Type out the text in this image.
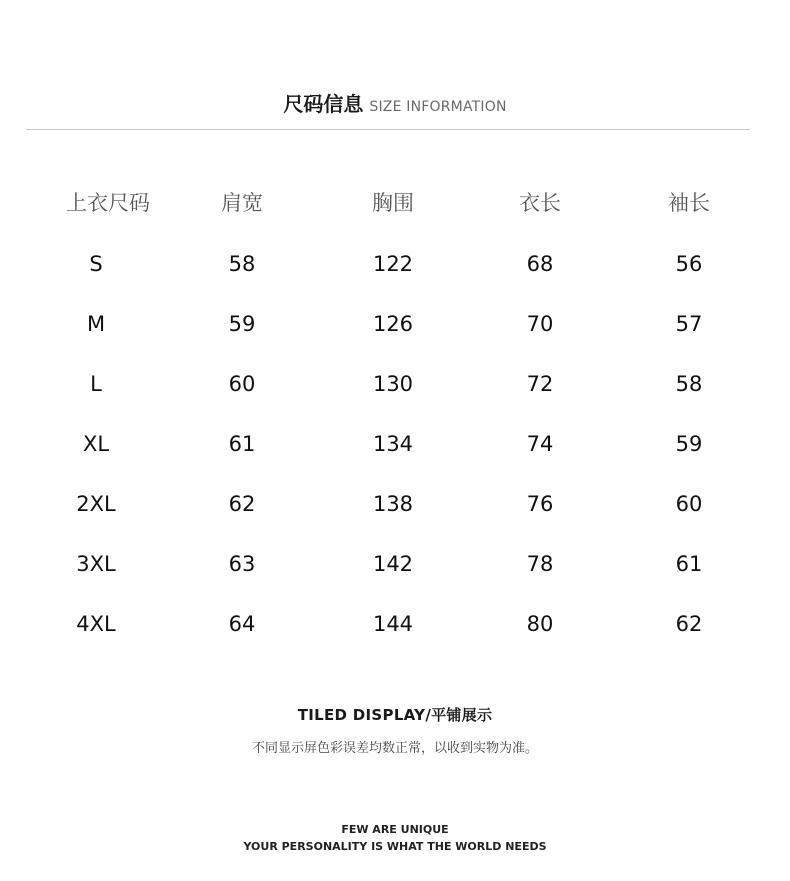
尺码信息 SIZE INFORMATION
上衣尺码	肩宽	胸围	衣长	袖长
S	58	122	68	56
M	59	126	70	57
L	60	130	72	58
XL	61	134	74	59
2XL	62	138	76	60
3XL	63	142	78	61
4XL	64	144	80	62
TILED DISPLAY/平铺展示
不同显示屏色彩误差均数正常，以收到实物为准。
FEW ARE UNIQUE
YOUR PERSONALITY IS WHAT THE WORLD NEEDS
